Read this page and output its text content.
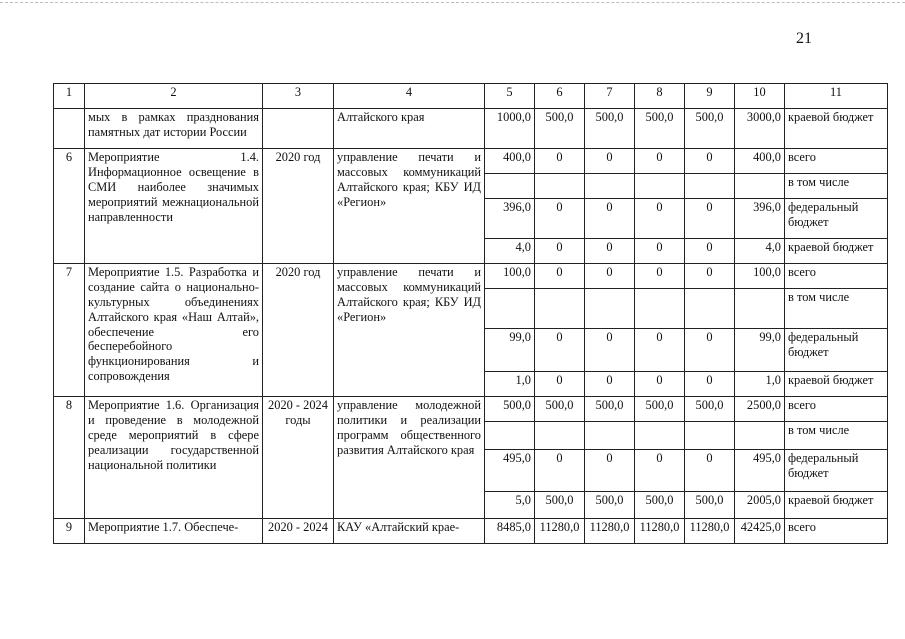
21
1	2	3	4	5	6	7	8	9	10	11
	мых в рамках празднования памятных дат истории России		Алтайского края	1000,0	500,0	500,0	500,0	500,0	3000,0	краевой бюджет
6	Мероприятие 1.4. Информационное освещение в СМИ наиболее значимых мероприятий межнациональной направленности	2020 год	управление печати и массовых коммуникаций Алтайского края; КБУ ИД «Регион»	400,0	0	0	0	0	400,0	всего
										в том числе
				396,0	0	0	0	0	396,0	федеральный бюджет
				4,0	0	0	0	0	4,0	краевой бюджет
7	Мероприятие 1.5. Разработка и создание сайта о национально-культурных объединениях Алтайского края «Наш Алтай», обеспечение его бесперебойного функционирования и сопровождения	2020 год	управление печати и массовых коммуникаций Алтайского края; КБУ ИД «Регион»	100,0	0	0	0	0	100,0	всего
										в том числе
				99,0	0	0	0	0	99,0	федеральный бюджет
				1,0	0	0	0	0	1,0	краевой бюджет
8	Мероприятие 1.6. Организация и проведение в молодежной среде мероприятий в сфере реализации государственной национальной политики	2020 - 2024 годы	управление молодежной политики и реализации программ общественного развития Алтайского края	500,0	500,0	500,0	500,0	500,0	2500,0	всего
										в том числе
				495,0	0	0	0	0	495,0	федеральный бюджет
				5,0	500,0	500,0	500,0	500,0	2005,0	краевой бюджет
9	Мероприятие 1.7. Обеспече-	2020 - 2024	КАУ «Алтайский крае-	8485,0	11280,0	11280,0	11280,0	11280,0	42425,0	всего
